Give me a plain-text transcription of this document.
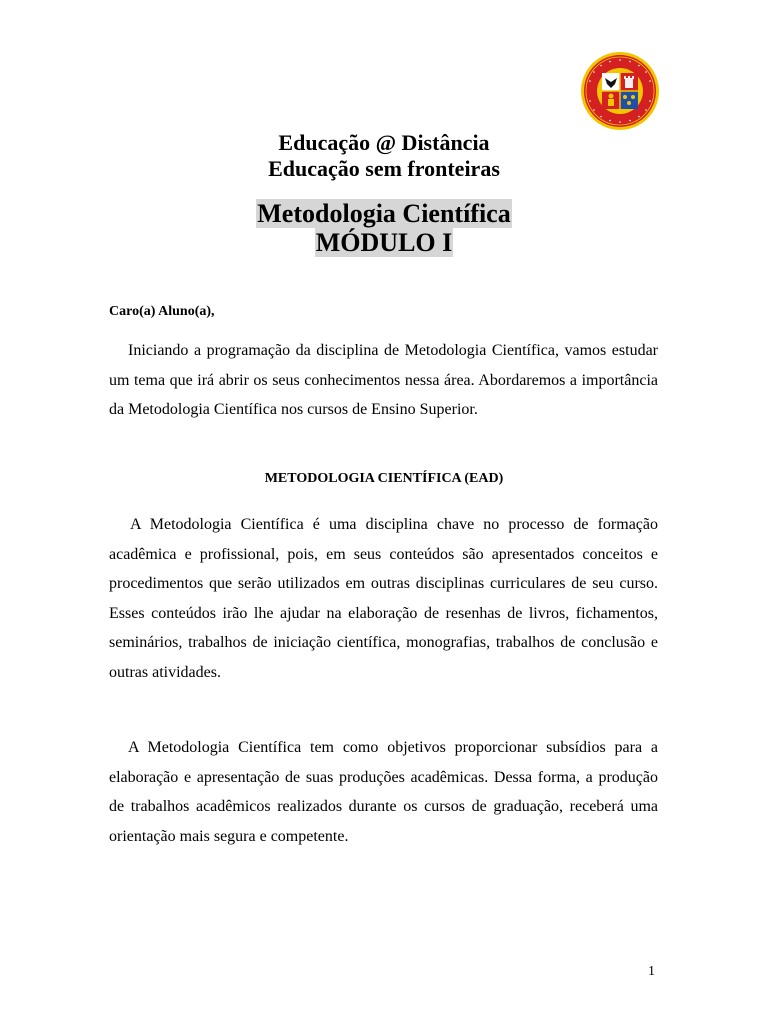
Educação @ Distância

Educação sem fronteiras

Metodologia Científica
MÓDULO I
Caro(a) Aluno(a),

Iniciando a programação da disciplina de Metodologia Científica, vamos estudar um tema que irá abrir os seus conhecimentos nessa área. Abordaremos a importância da Metodologia Científica nos cursos de Ensino Superior.

METODOLOGIA CIENTÍFICA (EAD)

A Metodologia Científica é uma disciplina chave no processo de formação acadêmica e profissional, pois, em seus conteúdos são apresentados conceitos e procedimentos que serão utilizados em outras disciplinas curriculares de seu curso. Esses conteúdos irão lhe ajudar na elaboração de resenhas de livros, fichamentos, seminários, trabalhos de iniciação científica, monografias, trabalhos de conclusão e outras atividades.

A Metodologia Científica tem como objetivos proporcionar subsídios para a elaboração e apresentação de suas produções acadêmicas. Dessa forma, a produção de trabalhos acadêmicos realizados durante os cursos de graduação, receberá uma orientação mais segura e competente.

1
